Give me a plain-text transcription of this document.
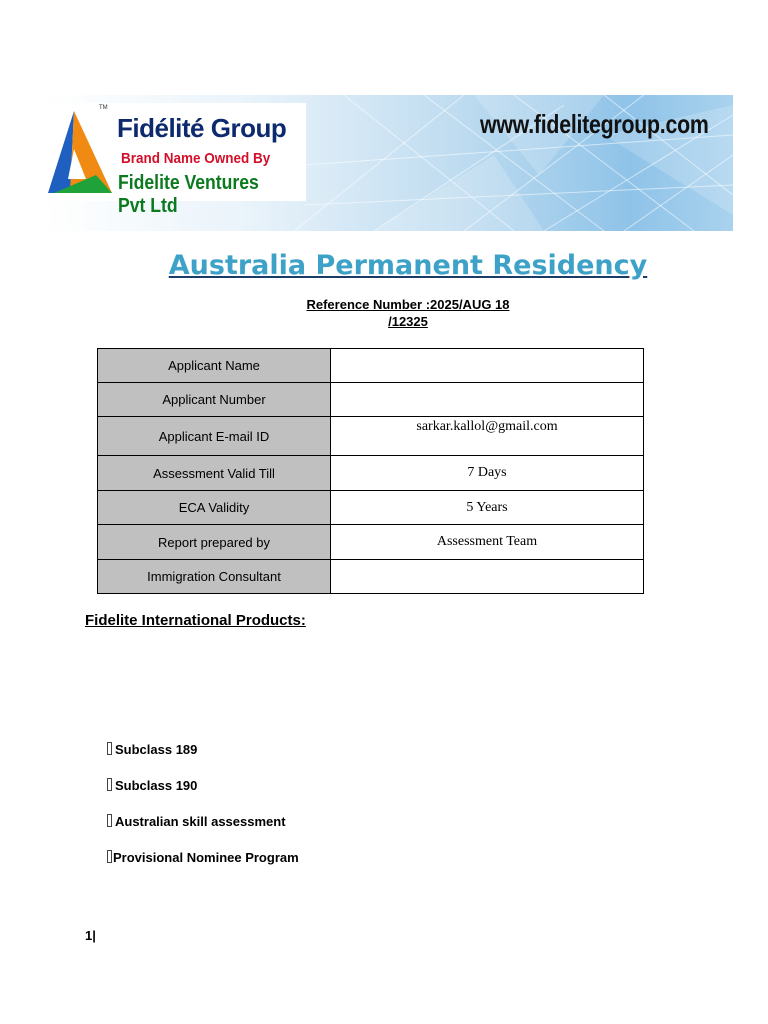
TM
Fidélité Group
Brand Name Owned By
Fidelite Ventures Pvt Ltd
www.fidelitegroup.com
Australia Permanent Residency
Reference Number :2025/AUG 18
/12325
Applicant Name	
Applicant Number	
Applicant E-mail ID	sarkar.kallol@gmail.com
Assessment Valid Till	7 Days
ECA Validity	5 Years
Report prepared by	Assessment Team
Immigration Consultant	
Fidelite International Products:
Subclass 189
Subclass 190
Australian skill assessment
Provisional Nominee Program
1|
